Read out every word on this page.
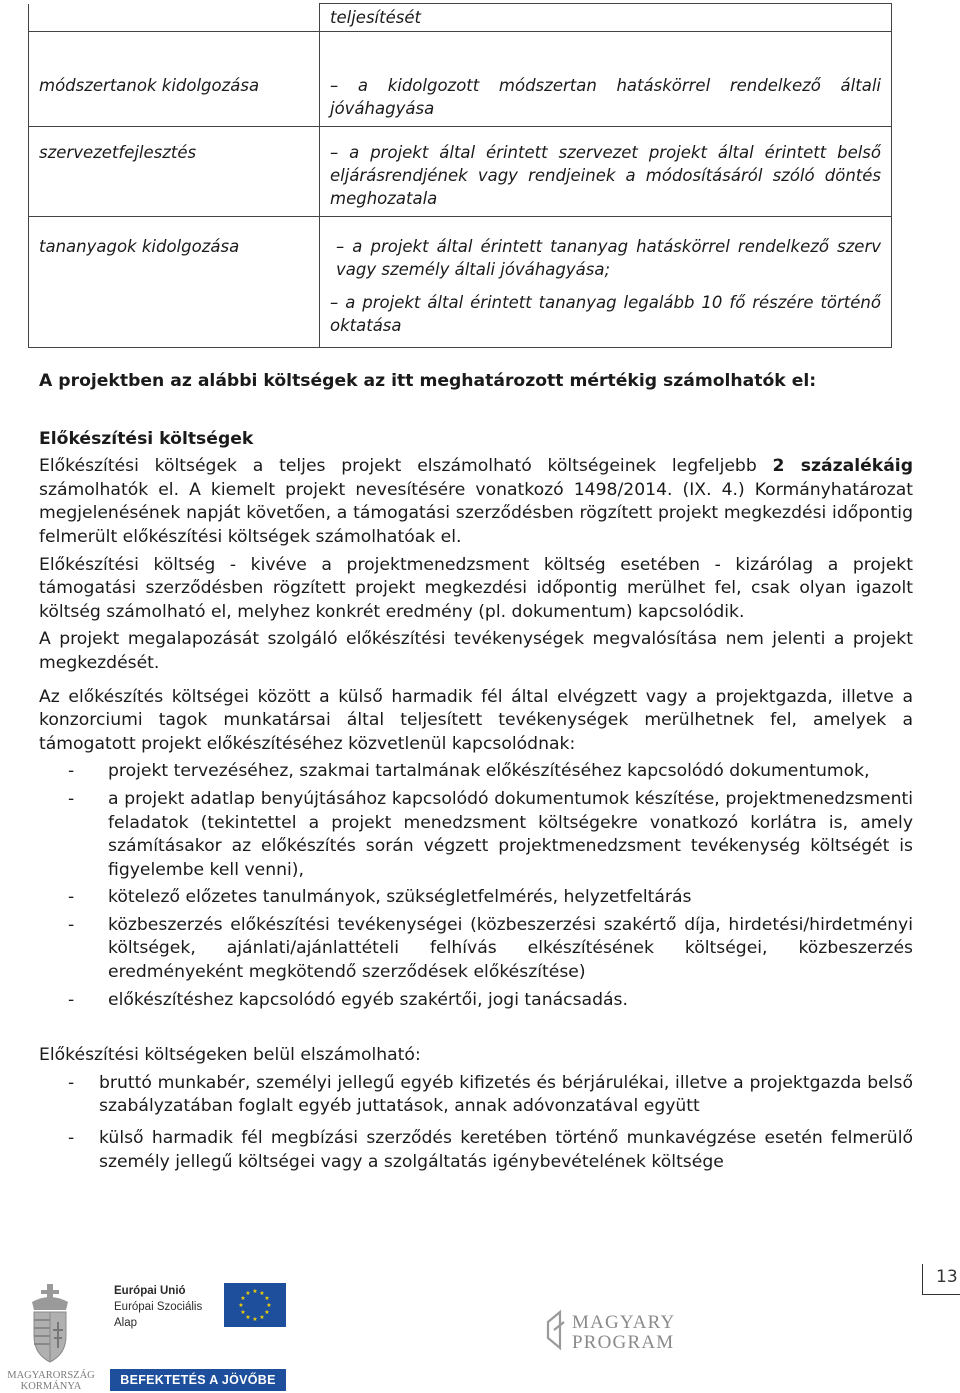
	teljesítését
módszertanok kidolgozása	– a kidolgozott módszertan hatáskörrel rendelkező általi jóváhagyása
szervezetfejlesztés	– a projekt által érintett szervezet projekt által érintett belső eljárásrendjének vagy rendjeinek a módosításáról szóló döntés meghozatala
tananyagok kidolgozása	– a projekt által érintett tananyag hatáskörrel rendelkező szerv vagy személy általi jóváhagyása;
– a projekt által érintett tananyag legalább 10 fő részére történő oktatása

A projektben az alábbi költségek az itt meghatározott mértékig számolhatók el:

Előkészítési költségek

Előkészítési költségek a teljes projekt elszámolható költségeinek legfeljebb 2 százalékáig számolhatók el. A kiemelt projekt nevesítésére vonatkozó 1498/2014. (IX. 4.) Kormányhatározat megjelenésének napját követően, a támogatási szerződésben rögzített projekt megkezdési időpontig felmerült előkészítési költségek számolhatóak el.

Előkészítési költség - kivéve a projektmenedzsment költség esetében - kizárólag a projekt támogatási szerződésben rögzített projekt megkezdési időpontig merülhet fel, csak olyan igazolt költség számolható el, melyhez konkrét eredmény (pl. dokumentum) kapcsolódik.

A projekt megalapozását szolgáló előkészítési tevékenységek megvalósítása nem jelenti a projekt megkezdését.

Az előkészítés költségei között a külső harmadik fél által elvégzett vagy a projektgazda, illetve a konzorciumi tagok munkatársai által teljesített tevékenységek merülhetnek fel, amelyek a támogatott projekt előkészítéséhez közvetlenül kapcsolódnak:

- projekt tervezéséhez, szakmai tartalmának előkészítéséhez kapcsolódó dokumentumok,
- a projekt adatlap benyújtásához kapcsolódó dokumentumok készítése, projektmenedzsmenti feladatok (tekintettel a projekt menedzsment költségekre vonatkozó korlátra is, amely számításakor az előkészítés során végzett projektmenedzsment tevékenység költségét is figyelembe kell venni),
- kötelező előzetes tanulmányok, szükségletfelmérés, helyzetfeltárás
- közbeszerzés előkészítési tevékenységei (közbeszerzési szakértő díja, hirdetési/hirdetményi költségek, ajánlati/ajánlattételi felhívás elkészítésének költségei, közbeszerzés eredményeként megkötendő szerződések előkészítése)
- előkészítéshez kapcsolódó egyéb szakértői, jogi tanácsadás.

Előkészítési költségeken belül elszámolható:

- bruttó munkabér, személyi jellegű egyéb kifizetés és bérjárulékai, illetve a projektgazda belső szabályzatában foglalt egyéb juttatások, annak adóvonzatával együtt
- külső harmadik fél megbízási szerződés keretében történő munkavégzése esetén felmerülő személy jellegű költségei vagy a szolgáltatás igénybevételének költsége
13
MAGYARORSZÁG
KORMÁNYA
Európai Unió
Európai Szociális
Alap
★ ★
★
★
★
★
★
★
★
★
★
★
BEFEKTETÉS A JÖVŐBE
MAGYARY
PROGRAM
